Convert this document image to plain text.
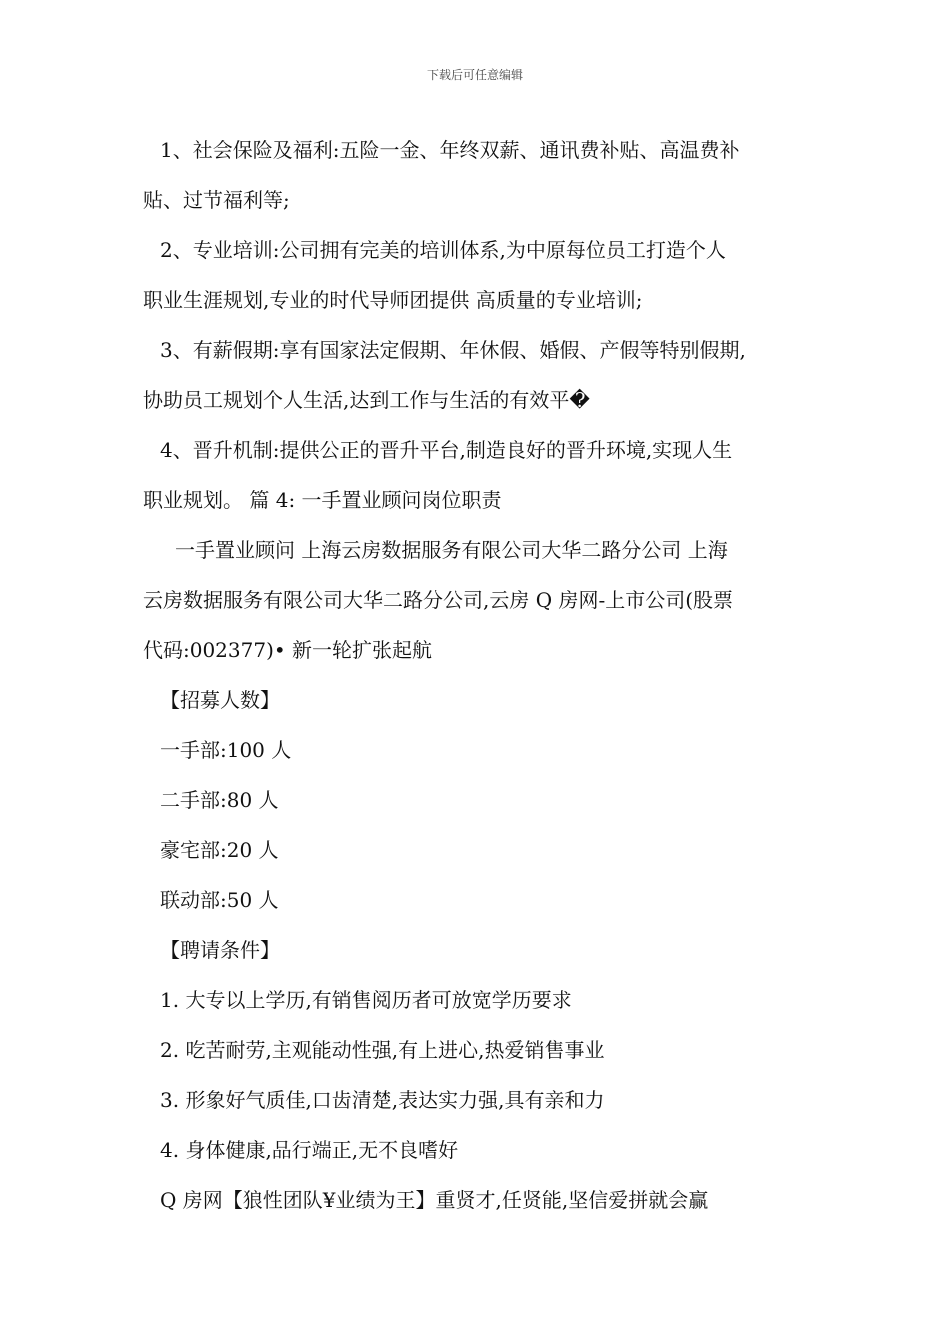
下载后可任意编辑
1、社会保险及福利:五险一金、年终双薪、通讯费补贴、高温费补
贴、过节福利等;
2、专业培训:公司拥有完美的培训体系,为中原每位员工打造个人
职业生涯规划,专业的时代导师团提供 高质量的专业培训;
3、有薪假期:享有国家法定假期、年休假、婚假、产假等特别假期,
协助员工规划个人生活,达到工作与生活的有效平�
4、晋升机制:提供公正的晋升平台,制造良好的晋升环境,实现人生
职业规划。 篇 4: 一手置业顾问岗位职责
一手置业顾问 上海云房数据服务有限公司大华二路分公司 上海
云房数据服务有限公司大华二路分公司,云房 Q 房网-上市公司(股票
代码:002377)• 新一轮扩张起航
【招募人数】
一手部:100 人
二手部:80 人
豪宅部:20 人
联动部:50 人
【聘请条件】
1. 大专以上学历,有销售阅历者可放宽学历要求
2. 吃苦耐劳,主观能动性强,有上进心,热爱销售事业
3. 形象好气质佳,口齿清楚,表达实力强,具有亲和力
4. 身体健康,品行端正,无不良嗜好
Q 房网【狼性团队¥业绩为王】重贤才,任贤能,坚信爱拼就会赢
